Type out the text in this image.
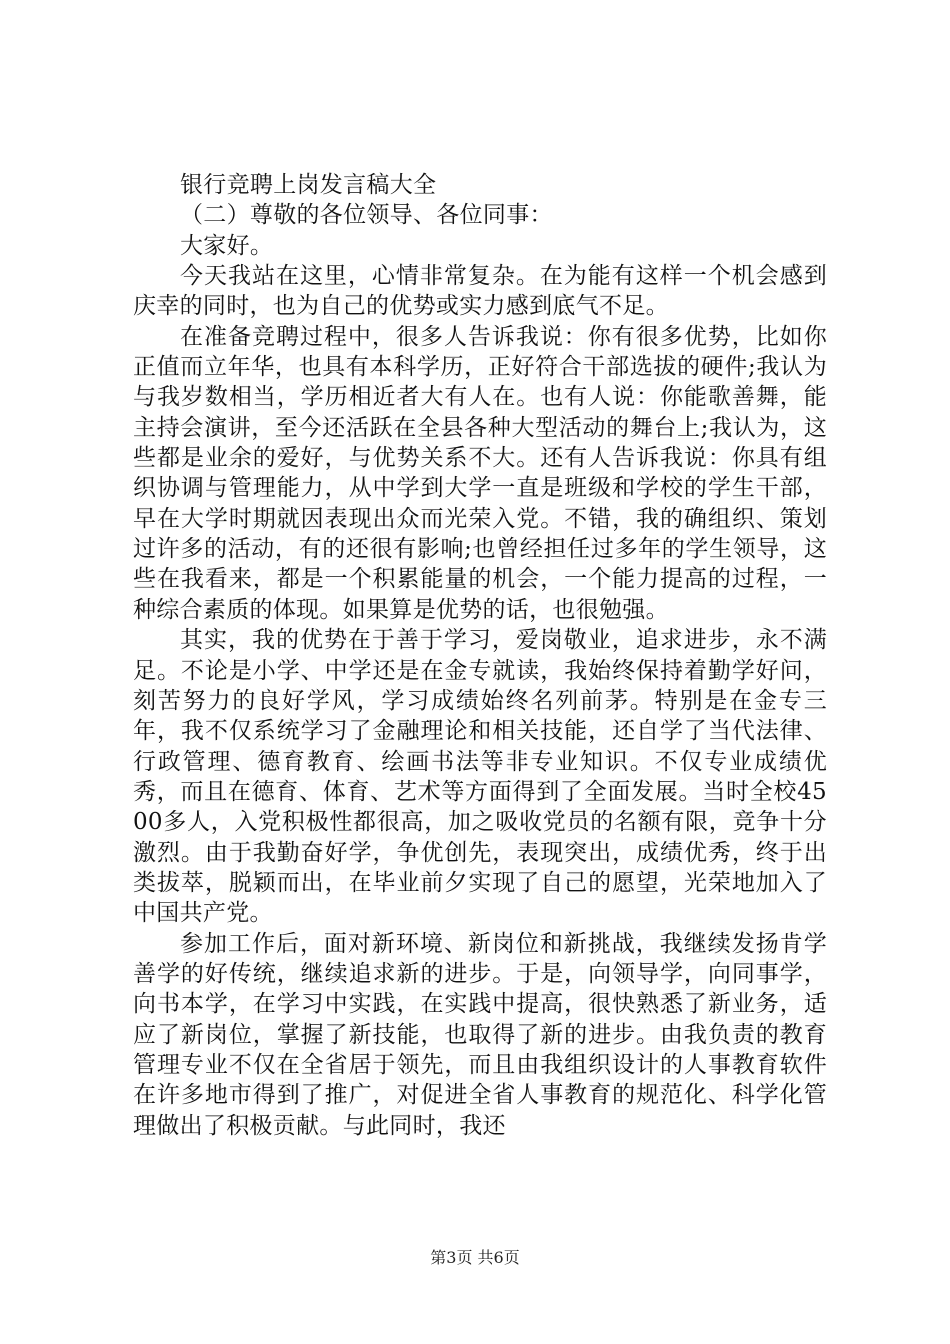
银行竞聘上岗发言稿大全

（二）尊敬的各位领导、各位同事：

大家好。

今天我站在这里，心情非常复杂。在为能有这样一个机会感到庆幸的同时，也为自己的优势或实力感到底气不足。

在准备竞聘过程中，很多人告诉我说：你有很多优势，比如你正值而立年华，也具有本科学历，正好符合干部选拔的硬件;我认为与我岁数相当，学历相近者大有人在。也有人说：你能歌善舞，能主持会演讲，至今还活跃在全县各种大型活动的舞台上;我认为，这些都是业余的爱好，与优势关系不大。还有人告诉我说：你具有组织协调与管理能力，从中学到大学一直是班级和学校的学生干部，早在大学时期就因表现出众而光荣入党。不错，我的确组织、策划过许多的活动，有的还很有影响;也曾经担任过多年的学生领导，这些在我看来，都是一个积累能量的机会，一个能力提高的过程，一种综合素质的体现。如果算是优势的话，也很勉强。

其实，我的优势在于善于学习，爱岗敬业，追求进步，永不满足。不论是小学、中学还是在金专就读，我始终保持着勤学好问，刻苦努力的良好学风，学习成绩始终名列前茅。特别是在金专三年，我不仅系统学习了金融理论和相关技能，还自学了当代法律、行政管理、德育教育、绘画书法等非专业知识。不仅专业成绩优秀，而且在德育、体育、艺术等方面得到了全面发展。当时全校4500多人，入党积极性都很高，加之吸收党员的名额有限，竞争十分激烈。由于我勤奋好学，争优创先，表现突出，成绩优秀，终于出类拔萃，脱颖而出，在毕业前夕实现了自己的愿望，光荣地加入了中国共产党。

参加工作后，面对新环境、新岗位和新挑战，我继续发扬肯学善学的好传统，继续追求新的进步。于是，向领导学，向同事学，向书本学，在学习中实践，在实践中提高，很快熟悉了新业务，适应了新岗位，掌握了新技能，也取得了新的进步。由我负责的教育管理专业不仅在全省居于领先，而且由我组织设计的人事教育软件在许多地市得到了推广，对促进全省人事教育的规范化、科学化管理做出了积极贡献。与此同时，我还

第3页 共6页
